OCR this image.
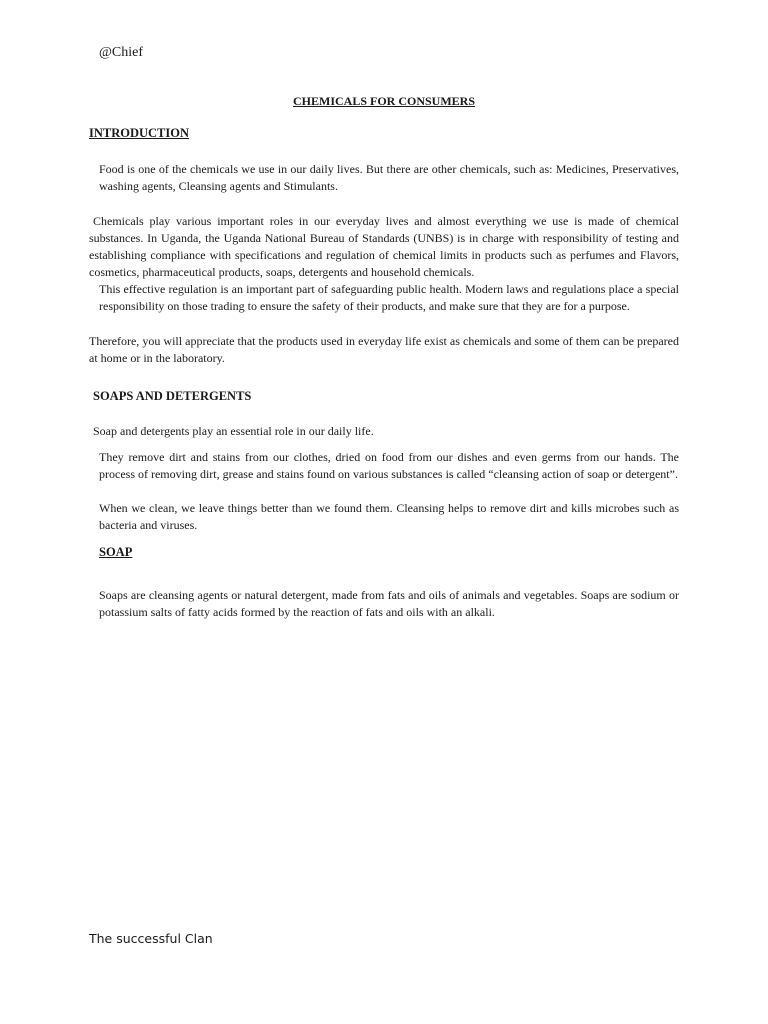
@Chief
CHEMICALS FOR CONSUMERS
INTRODUCTION

Food is one of the chemicals we use in our daily lives. But there are other chemicals, such as: Medicines, Preservatives, washing agents, Cleansing agents and Stimulants.

Chemicals play various important roles in our everyday lives and almost everything we use is made of chemical substances. In Uganda, the Uganda National Bureau of Standards (UNBS) is in charge with responsibility of testing and establishing compliance with specifications and regulation of chemical limits in products such as perfumes and Flavors, cosmetics, pharmaceutical products, soaps, detergents and household chemicals.

This effective regulation is an important part of safeguarding public health. Modern laws and regulations place a special responsibility on those trading to ensure the safety of their products, and make sure that they are for a purpose.

Therefore, you will appreciate that the products used in everyday life exist as chemicals and some of them can be prepared at home or in the laboratory.

SOAPS AND DETERGENTS

Soap and detergents play an essential role in our daily life.

They remove dirt and stains from our clothes, dried on food from our dishes and even germs from our hands. The process of removing dirt, grease and stains found on various substances is called “cleansing action of soap or detergent”.

When we clean, we leave things better than we found them. Cleansing helps to remove dirt and kills microbes such as bacteria and viruses.

SOAP

Soaps are cleansing agents or natural detergent, made from fats and oils of animals and vegetables. Soaps are sodium or potassium salts of fatty acids formed by the reaction of fats and oils with an alkali.

The successful Clan
